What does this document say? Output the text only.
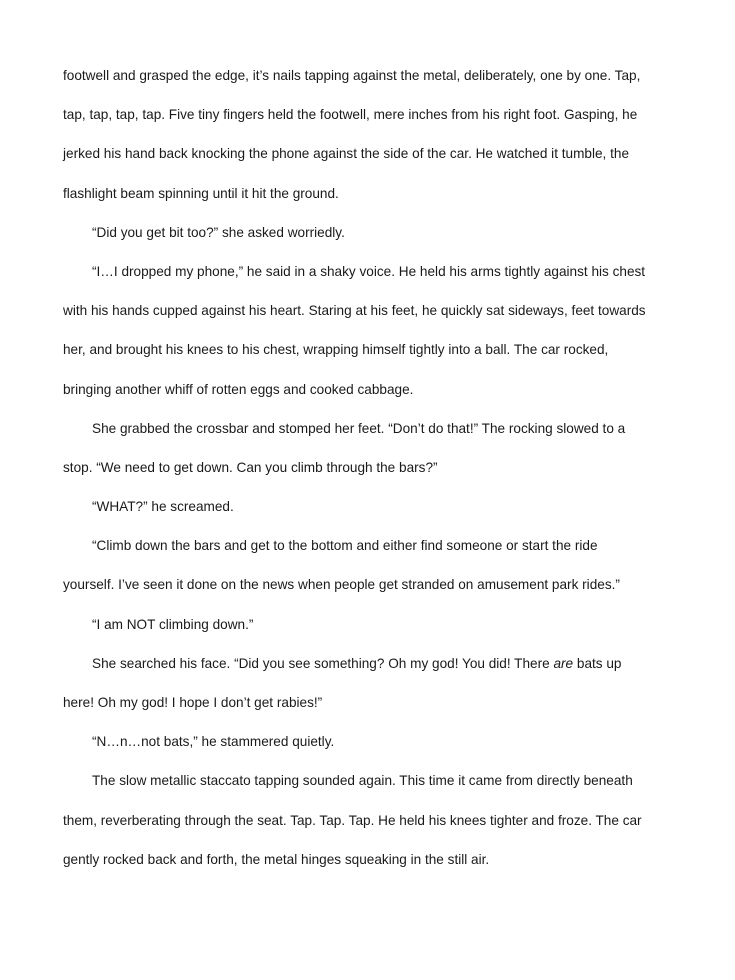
footwell and grasped the edge, it’s nails tapping against the metal, deliberately, one by one. Tap,
tap, tap, tap, tap. Five tiny fingers held the footwell, mere inches from his right foot. Gasping, he
jerked his hand back knocking the phone against the side of the car. He watched it tumble, the
flashlight beam spinning until it hit the ground.
“Did you get bit too?” she asked worriedly.
“I…I dropped my phone,” he said in a shaky voice. He held his arms tightly against his chest
with his hands cupped against his heart. Staring at his feet, he quickly sat sideways, feet towards
her, and brought his knees to his chest, wrapping himself tightly into a ball. The car rocked,
bringing another whiff of rotten eggs and cooked cabbage.
She grabbed the crossbar and stomped her feet. “Don’t do that!” The rocking slowed to a
stop. “We need to get down. Can you climb through the bars?”
“WHAT?” he screamed.
“Climb down the bars and get to the bottom and either find someone or start the ride
yourself. I’ve seen it done on the news when people get stranded on amusement park rides.”
“I am NOT climbing down.”
She searched his face. “Did you see something? Oh my god! You did! There are bats up
here! Oh my god! I hope I don’t get rabies!”
“N…n…not bats,” he stammered quietly.
The slow metallic staccato tapping sounded again. This time it came from directly beneath
them, reverberating through the seat. Tap. Tap. Tap. He held his knees tighter and froze. The car
gently rocked back and forth, the metal hinges squeaking in the still air.
